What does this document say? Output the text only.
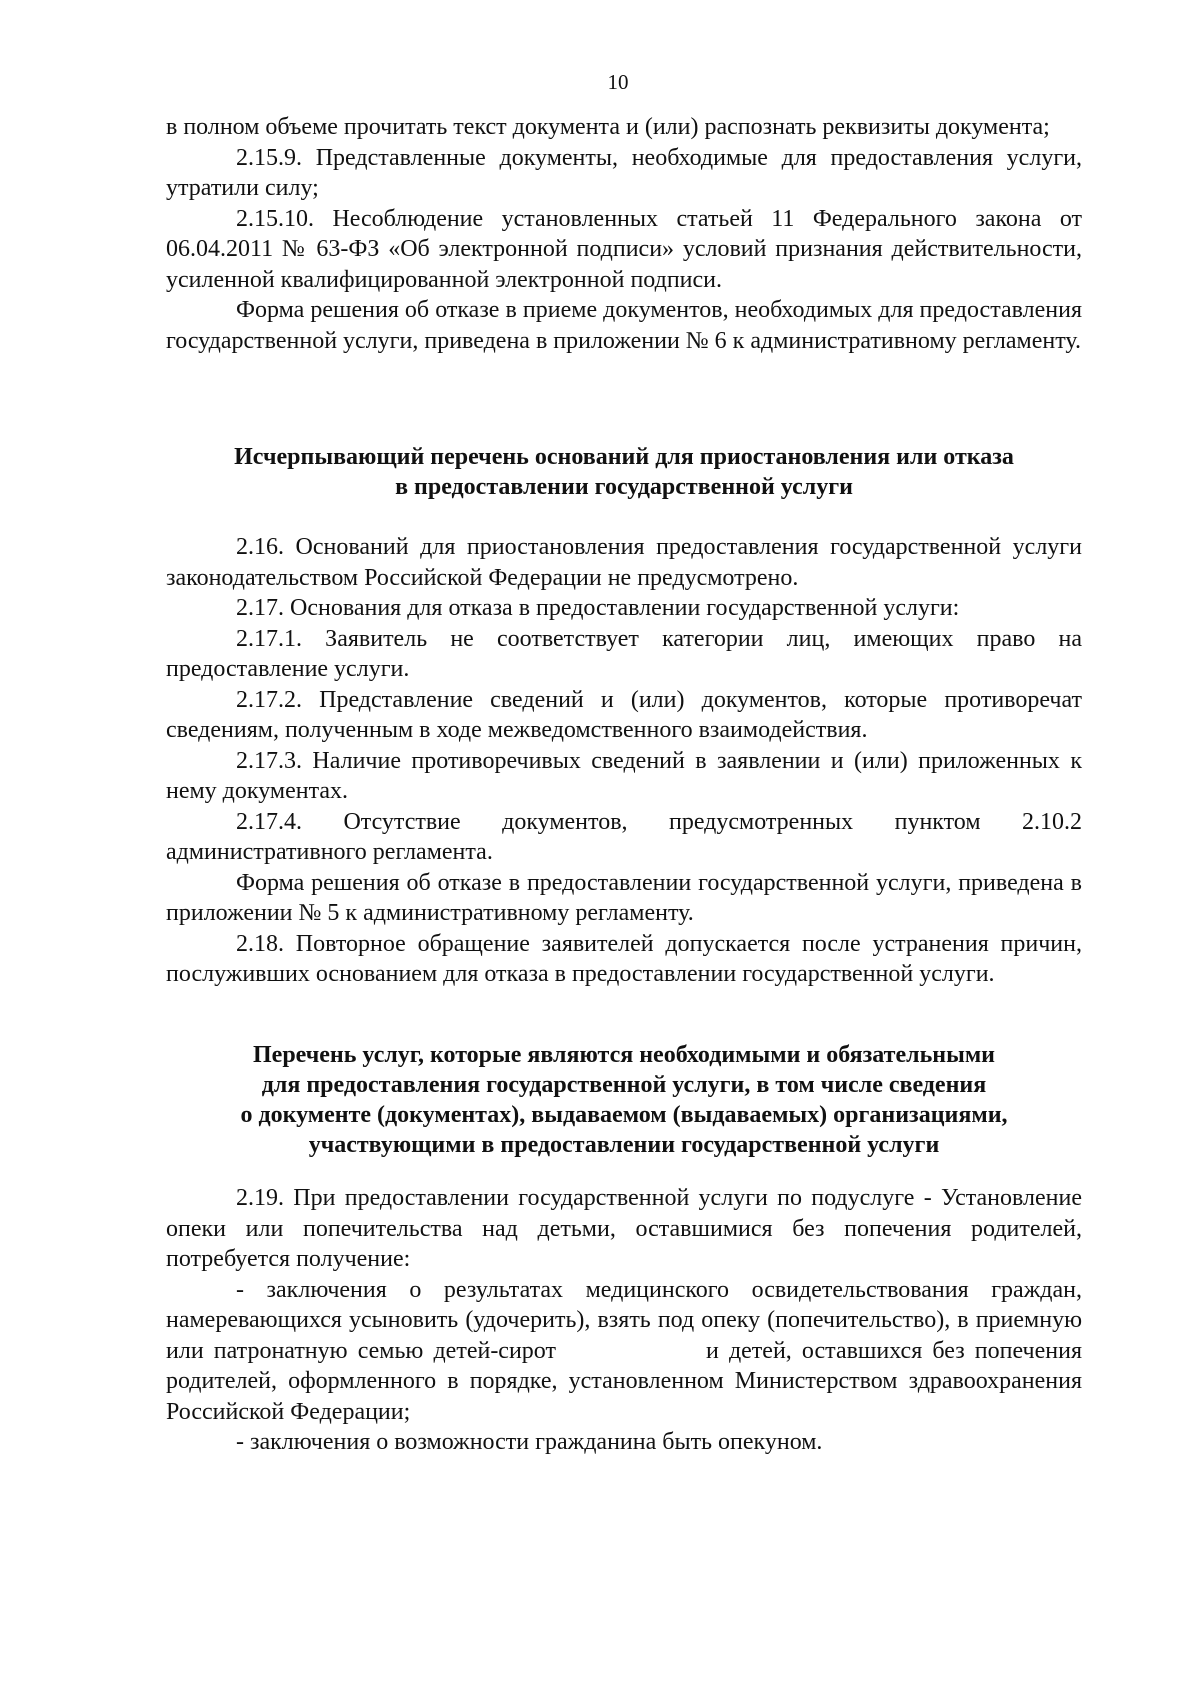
10

в полном объеме прочитать текст документа и (или) распознать реквизиты документа;

2.15.9. Представленные документы, необходимые для предоставления услуги, утратили силу;

2.15.10. Несоблюдение установленных статьей 11 Федерального закона от 06.04.2011 № 63-ФЗ «Об электронной подписи» условий признания действительности, усиленной квалифицированной электронной подписи.

Форма решения об отказе в приеме документов, необходимых для предоставления государственной услуги, приведена в приложении № 6 к административному регламенту.

Исчерпывающий перечень оснований для приостановления или отказа
в предоставлении государственной услуги

2.16. Оснований для приостановления предоставления государственной услуги законодательством Российской Федерации не предусмотрено.

2.17. Основания для отказа в предоставлении государственной услуги:

2.17.1. Заявитель не соответствует категории лиц, имеющих право на предоставление услуги.

2.17.2. Представление сведений и (или) документов, которые противоречат сведениям, полученным в ходе межведомственного взаимодействия.

2.17.3. Наличие противоречивых сведений в заявлении и (или) приложенных к нему документах.

2.17.4. Отсутствие документов, предусмотренных пунктом 2.10.2 административного регламента.

Форма решения об отказе в предоставлении государственной услуги, приведена в приложении № 5 к административному регламенту.

2.18. Повторное обращение заявителей допускается после устранения причин, послуживших основанием для отказа в предоставлении государственной услуги.

Перечень услуг, которые являются необходимыми и обязательными
для предоставления государственной услуги, в том числе сведения
о документе (документах), выдаваемом (выдаваемых) организациями,
участвующими в предоставлении государственной услуги

2.19. При предоставлении государственной услуги по подуслуге - Установление опеки или попечительства над детьми, оставшимися без попечения родителей, потребуется получение:

- заключения о результатах медицинского освидетельствования граждан, намеревающихся усыновить (удочерить), взять под опеку (попечительство), в приемную или патронатную семью детей-сирот	и детей, оставшихся без попечения родителей, оформленного в порядке, установленном Министерством здравоохранения Российской Федерации;

- заключения о возможности гражданина быть опекуном.
